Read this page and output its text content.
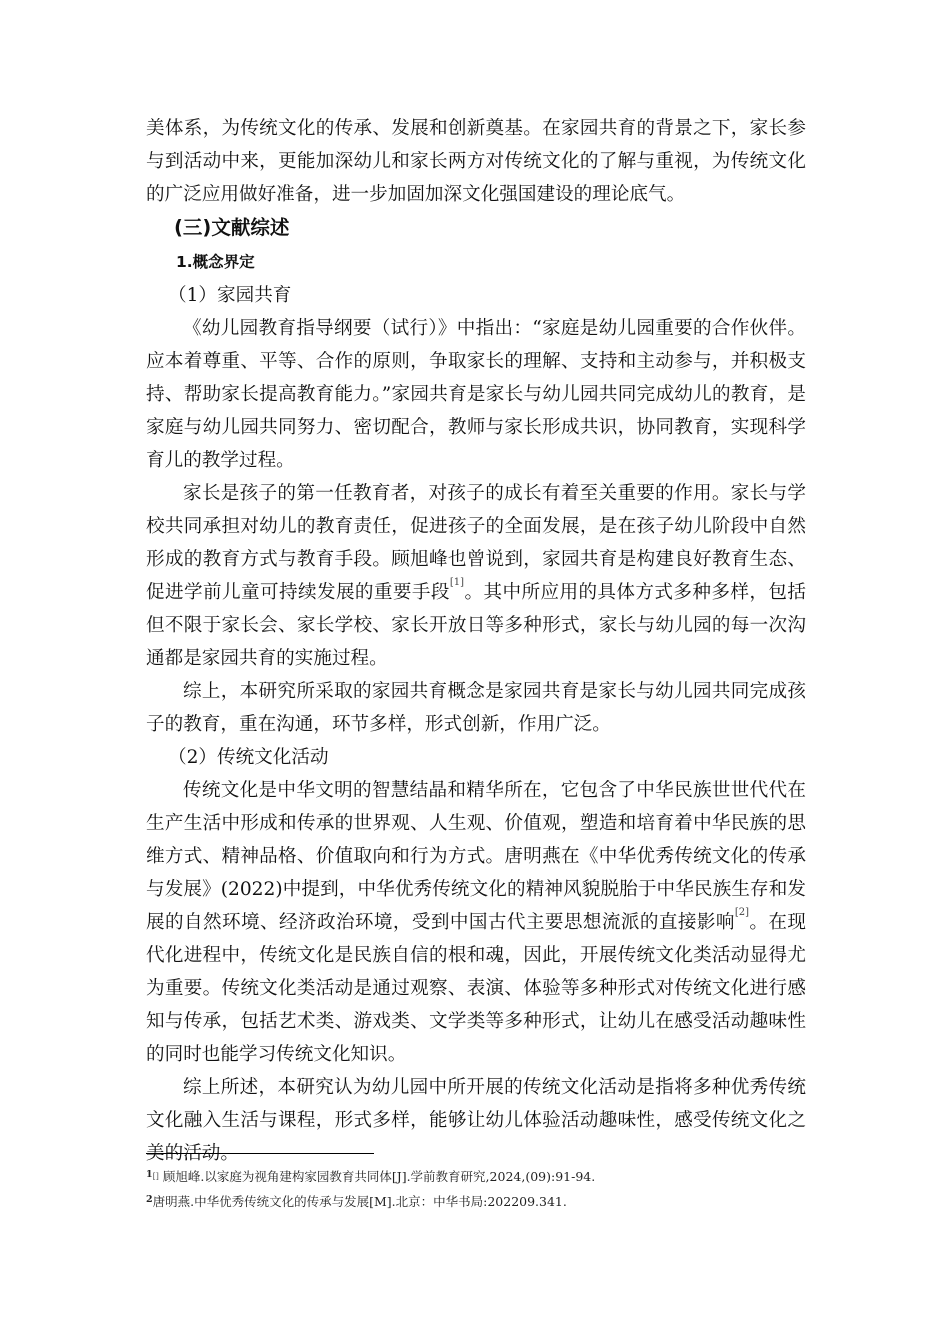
美体系，为传统文化的传承、发展和创新奠基。在家园共育的背景之下，家长参与到活动中来，更能加深幼儿和家长两方对传统文化的了解与重视，为传统文化的广泛应用做好准备，进一步加固加深文化强国建设的理论底气。

(三)文献综述

1.概念界定

（1）家园共育

《幼儿园教育指导纲要（试行）》中指出：“家庭是幼儿园重要的合作伙伴。应本着尊重、平等、合作的原则，争取家长的理解、支持和主动参与，并积极支持、帮助家长提高教育能力。”家园共育是家长与幼儿园共同完成幼儿的教育，是家庭与幼儿园共同努力、密切配合，教师与家长形成共识，协同教育，实现科学育儿的教学过程。

家长是孩子的第一任教育者，对孩子的成长有着至关重要的作用。家长与学校共同承担对幼儿的教育责任，促进孩子的全面发展，是在孩子幼儿阶段中自然形成的教育方式与教育手段。顾旭峰也曾说到，家园共育是构建良好教育生态、促进学前儿童可持续发展的重要手段[1]。其中所应用的具体方式多种多样，包括但不限于家长会、家长学校、家长开放日等多种形式，家长与幼儿园的每一次沟通都是家园共育的实施过程。

综上，本研究所采取的家园共育概念是家园共育是家长与幼儿园共同完成孩子的教育，重在沟通，环节多样，形式创新，作用广泛。

（2）传统文化活动

传统文化是中华文明的智慧结晶和精华所在，它包含了中华民族世世代代在生产生活中形成和传承的世界观、人生观、价值观，塑造和培育着中华民族的思维方式、精神品格、价值取向和行为方式。唐明燕在《中华优秀传统文化的传承与发展》(2022)中提到，中华优秀传统文化的精神风貌脱胎于中华民族生存和发展的自然环境、经济政治环境，受到中国古代主要思想流派的直接影响[2]。在现代化进程中，传统文化是民族自信的根和魂，因此，开展传统文化类活动显得尤为重要。传统文化类活动是通过观察、表演、体验等多种形式对传统文化进行感知与传承，包括艺术类、游戏类、文学类等多种形式，让幼儿在感受活动趣味性的同时也能学习传统文化知识。

综上所述，本研究认为幼儿园中所开展的传统文化活动是指将多种优秀传统文化融入生活与课程，形式多样，能够让幼儿体验活动趣味性，感受传统文化之美的活动。

$^{1[]}$ 顾旭峰.以家庭为视角建构家园教育共同体[J].学前教育研究,2024,(09):91-94.

$^2$唐明燕.中华优秀传统文化的传承与发展[M].北京：中华书局:202209.341.
